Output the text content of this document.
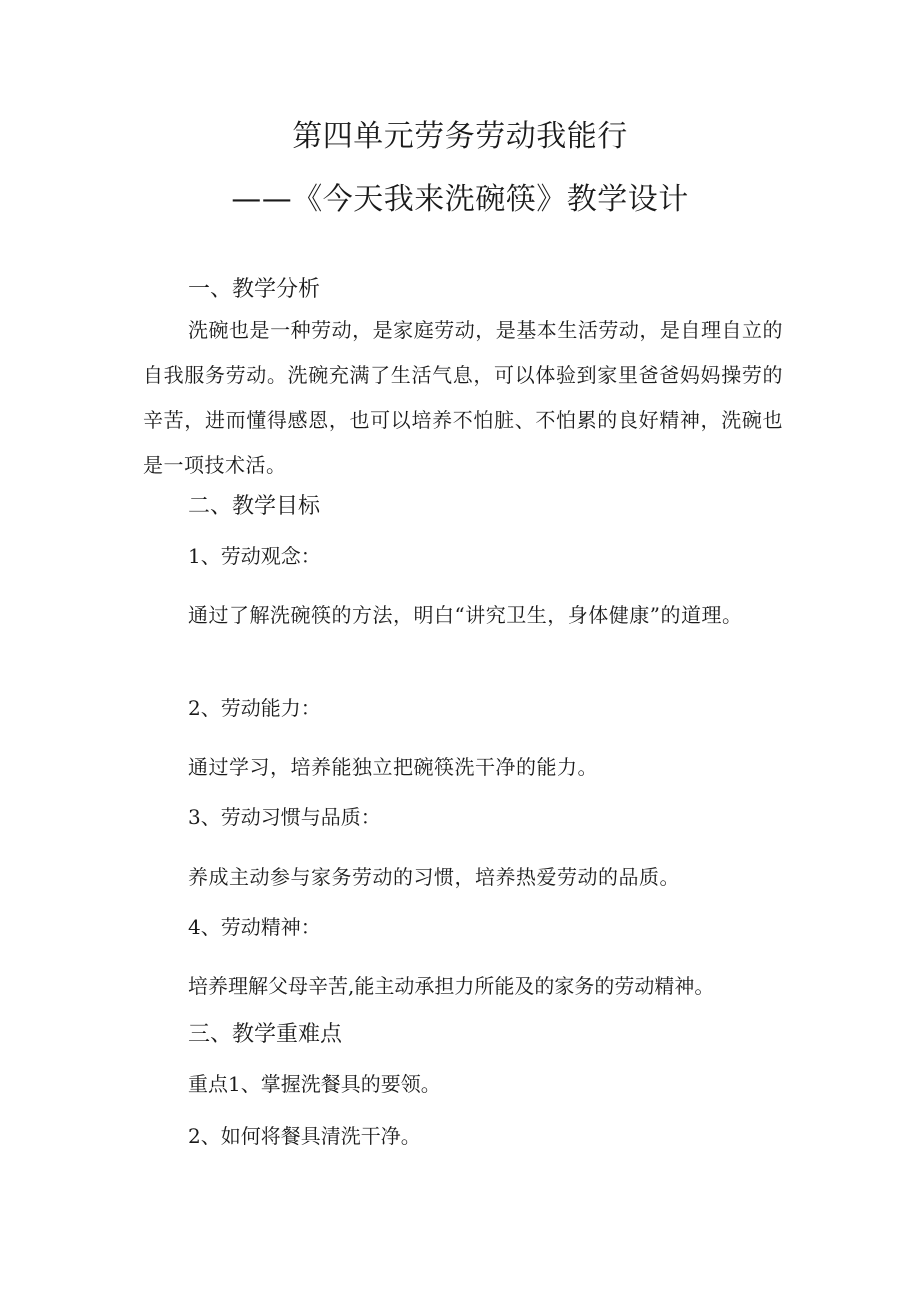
第四单元劳务劳动我能行
——《今天我来洗碗筷》教学设计
一、教学分析
洗碗也是一种劳动，是家庭劳动，是基本生活劳动，是自理自立的自我服务劳动。洗碗充满了生活气息，可以体验到家里爸爸妈妈操劳的辛苦，进而懂得感恩，也可以培养不怕脏、不怕累的良好精神，洗碗也是一项技术活。
二、教学目标
1、劳动观念：
通过了解洗碗筷的方法，明白“讲究卫生，身体健康”的道理。
2、劳动能力：
通过学习，培养能独立把碗筷洗干净的能力。
3、劳动习惯与品质：
养成主动参与家务劳动的习惯，培养热爱劳动的品质。
4、劳动精神：
培养理解父母辛苦,能主动承担力所能及的家务的劳动精神。
三、教学重难点
重点1、掌握洗餐具的要领。
2、如何将餐具清洗干净。
